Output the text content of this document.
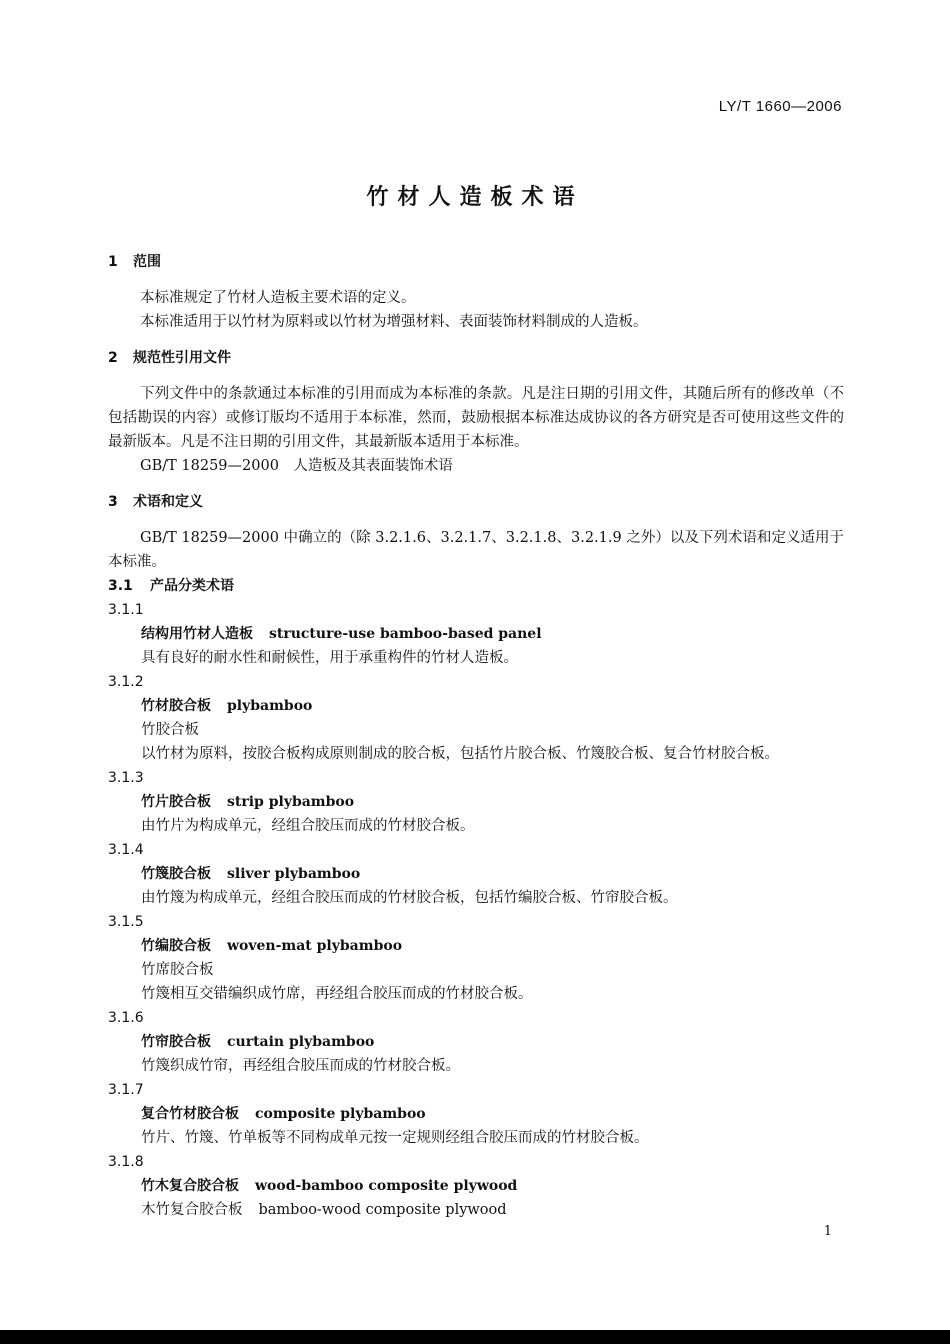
LY/T 1660—2006
竹材人造板术语
1 范围
本标准规定了竹材人造板主要术语的定义。
本标准适用于以竹材为原料或以竹材为增强材料、表面装饰材料制成的人造板。
2 规范性引用文件
下列文件中的条款通过本标准的引用而成为本标准的条款。凡是注日期的引用文件，其随后所有的修改单（不包括勘误的内容）或修订版均不适用于本标准，然而，鼓励根据本标准达成协议的各方研究是否可使用这些文件的最新版本。凡是不注日期的引用文件，其最新版本适用于本标准。
GB/T 18259—2000　人造板及其表面装饰术语
3 术语和定义
GB/T 18259—2000 中确立的（除 3.2.1.6、3.2.1.7、3.2.1.8、3.2.1.9 之外）以及下列术语和定义适用于本标准。
3.1 产品分类术语
3.1.1
结构用竹材人造板 structure-use bamboo-based panel
具有良好的耐水性和耐候性，用于承重构件的竹材人造板。
3.1.2
竹材胶合板 plybamboo
竹胶合板
以竹材为原料，按胶合板构成原则制成的胶合板，包括竹片胶合板、竹篾胶合板、复合竹材胶合板。
3.1.3
竹片胶合板 strip plybamboo
由竹片为构成单元，经组合胶压而成的竹材胶合板。
3.1.4
竹篾胶合板 sliver plybamboo
由竹篾为构成单元，经组合胶压而成的竹材胶合板，包括竹编胶合板、竹帘胶合板。
3.1.5
竹编胶合板 woven-mat plybamboo
竹席胶合板
竹篾相互交错编织成竹席，再经组合胶压而成的竹材胶合板。
3.1.6
竹帘胶合板 curtain plybamboo
竹篾织成竹帘，再经组合胶压而成的竹材胶合板。
3.1.7
复合竹材胶合板 composite plybamboo
竹片、竹篾、竹单板等不同构成单元按一定规则经组合胶压而成的竹材胶合板。
3.1.8
竹木复合胶合板 wood-bamboo composite plywood
木竹复合胶合板 bamboo-wood composite plywood
1
